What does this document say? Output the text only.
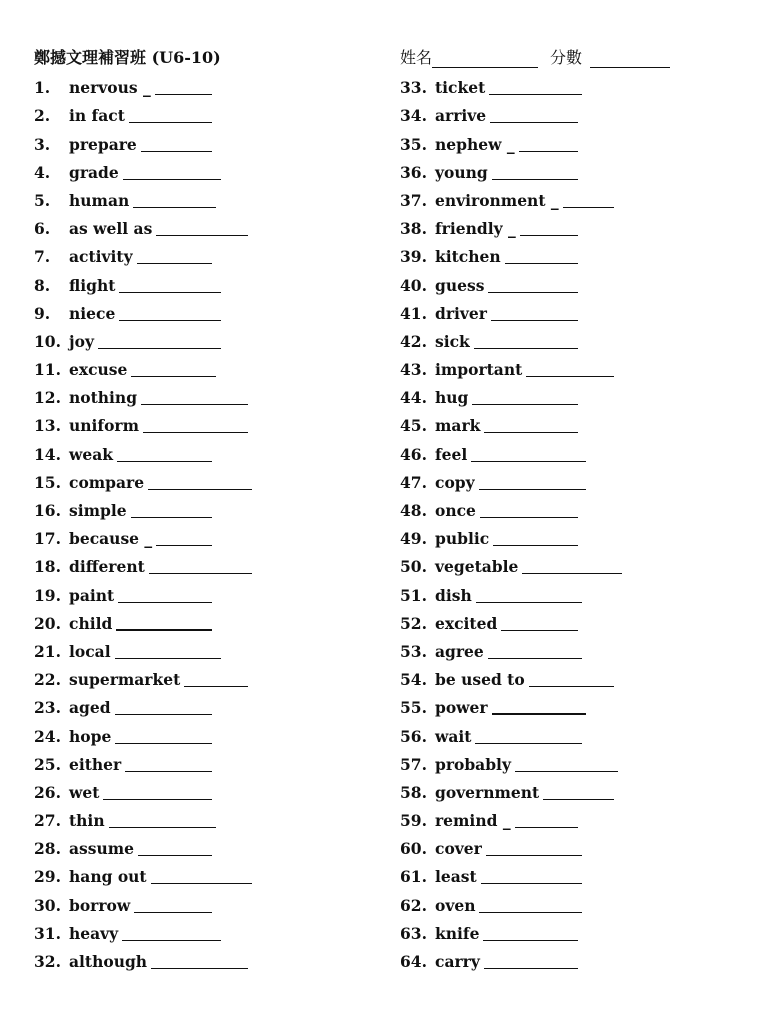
鄭撼文理補習班 (U6-10)	姓名	分數
1.	nervous _
2.	in fact
3.	prepare
4.	grade
5.	human
6.	as well as
7.	activity
8.	flight
9.	niece
10. joy
11. excuse
12. nothing
13. uniform
14. weak
15. compare
16. simple
17. because _
18. different
19. paint
20. child
21. local
22. supermarket
23. aged
24. hope
25. either
26. wet
27. thin
28. assume
29. hang out
30. borrow
31. heavy
32. although
33. ticket
34. arrive
35. nephew _
36. young
37. environment _
38. friendly _
39. kitchen
40. guess
41. driver
42. sick
43. important
44. hug
45. mark
46. feel
47. copy
48. once
49. public
50. vegetable
51. dish
52. excited
53. agree
54. be used to
55. power
56. wait
57. probably
58. government
59. remind _
60. cover
61. least
62. oven
63. knife
64. carry
